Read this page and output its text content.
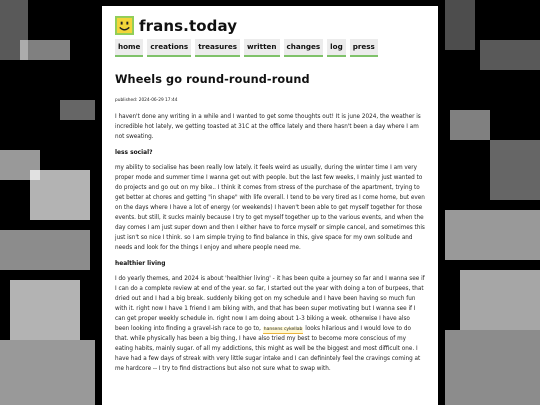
frans.today
home	creations	treasures	written	changes	log	press
Wheels go round-round-round
published: 2024-06-29 17:44

I haven't done any writing in a while and I wanted to get some thoughts out! It is june 2024, the weather is incredible hot lately, we getting toasted at 31C at the office lately and there hasn't been a day where I am not sweating.

less social?

my ability to socialise has been really low lately. it feels weird as usually, during the winter time I am very proper mode and summer time I wanna get out with people. but the last few weeks, I mainly just wanted to do projects and go out on my bike.. I think it comes from stress of the purchase of the apartment, trying to get better at chores and getting "in shape" with life overall. I tend to be very tired as I come home, but even on the days where I have a lot of energy (or weekends) I haven't been able to get myself together for those events. but still, it sucks mainly because I try to get myself together up to the various events, and when the day comes I am just super down and then I either have to force myself or simple cancel, and sometimes this just isn't so nice I think. so I am simple trying to find balance in this, give space for my own solitude and needs and look for the things I enjoy and where people need me.

healthier living

I do yearly themes, and 2024 is about 'healthier living' - it has been quite a journey so far and I wanna see if I can do a complete review at end of the year. so far, I started out the year with doing a ton of burpees, that dried out and I had a big break. suddenly biking got on my schedule and I have been having so much fun with it. right now I have 1 friend I am biking with, and that has been super motivating but I wanna see if I can get proper weekly schedule in. right now I am doing about 1-3 biking a week. otherwise I have also been looking into finding a gravel-ish race to go to, hansens cykellab looks hilarious and I would love to do that. while physically has been a big thing, I have also tried my best to become more conscious of my eating habits, mainly sugar. of all my addictions, this might as well be the biggest and most difficult one. I have had a few days of streak with very little sugar intake and I can definintely feel the cravings coming at me hardcore -- I try to find distractions but also not sure what to swap with.
